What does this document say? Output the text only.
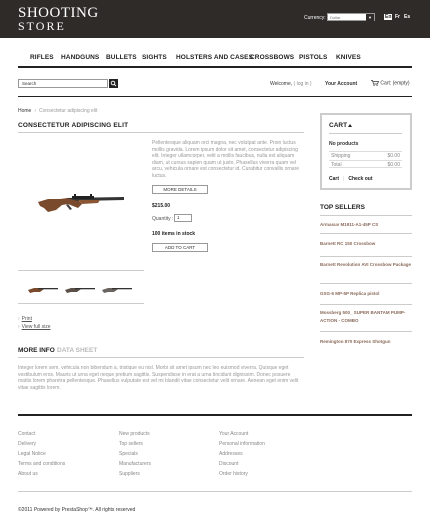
SHOOTING
STORE
Currency:	Dollar	▼	En Fr Es
RIFLES HANDGUNS BULLETS SIGHTS HOLSTERS AND CASES
CROSSBOWS PISTOLS KNIVES
Search	Welcome, ( log in )	Your Account	Cart: (empty)
Home › Consectetur adipiscing elit
CONSECTETUR ADIPISCING ELIT
Pellentesque aliquam orci magna, nec volutpat ante. Proin luctus mollis gravida. Lorem ipsum dolor sit amet, consectetur adipiscing elit. Integer ullamcorper, velit a mollis faucibus, nulla est aliquam diam, ut cursus sapien quam ut justo. Phasellus viverra quam vel arcu, vehicula ornare est consectetur id. Curabitur convallis ornare luctus.
MORE DETAILS
$215.00
Quantity : 1
100 items in stock
ADD TO CART
› Print
› View full size
MORE INFO DATA SHEET
Integer lorem sem, vehicula non bibendum a, tristique eu nisl. Morbi sit amet ipsum nec leo euismod viverra. Quisque eget vestibulum eros. Mauris ut urna eget neque pretium sagittis. Suspendisse in erat a urna tincidunt dignissim. Donec posuere mattis lorem pharetra pellentesque. Phasellus vulputate est vel mi blandit vitae consectetur velit ornare. Aenean eget enim velit vitae sagittis lorem.
CART
No products
Shipping	$0.00
Total	$0.00
Cart | Check out
TOP SELLERS
Armasuv M1911-A1-45P CS
Barnett RC 150 Crossbow
Barnett Revolution AVI Crossbow Package
GSG-5 MP-5P Replica pistol
Mossberg 500_ SUPER BANTAM PUMP-ACTION - COMBO
Remington 870 Express Shotgun
Contact
Delivery
Legal Notice
Terms and conditions
About us
New products
Top sellers
Specials
Manufacturers
Suppliers
Your Account
Personal information
Addresses
Discount
Order history
©2011 Powered by PrestaShop™. All rights reserved
